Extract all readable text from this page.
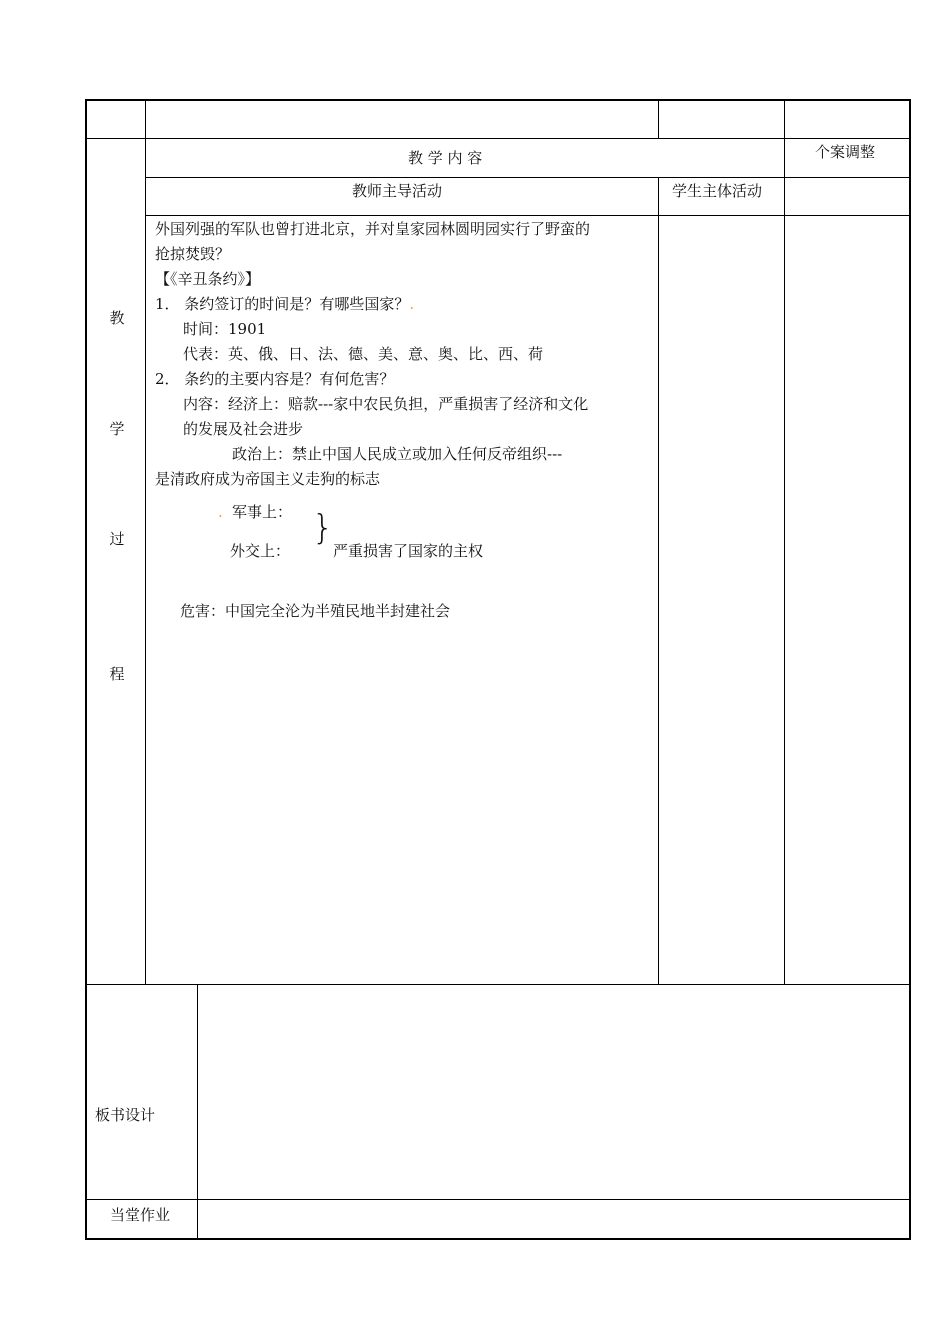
教 学 内 容	个案调整
教师主导活动	学生主体活动
教
学
过
程
外国列强的军队也曾打进北京，并对皇家园林圆明园实行了野蛮的
抢掠焚毁？
【《辛丑条约》】
1． 条约签订的时间是？有哪些国家？.
时间：1901
代表：英、俄、日、法、德、美、意、奥、比、西、荷
2． 条约的主要内容是？有何危害？
内容：经济上：赔款---家中农民负担，严重损害了经济和文化
的发展及社会进步
政治上：禁止中国人民成立或加入任何反帝组织---
是清政府成为帝国主义走狗的标志
. 军事上：
外交上：
}
严重损害了国家的主权
危害：中国完全沦为半殖民地半封建社会
板书设计
当堂作业
